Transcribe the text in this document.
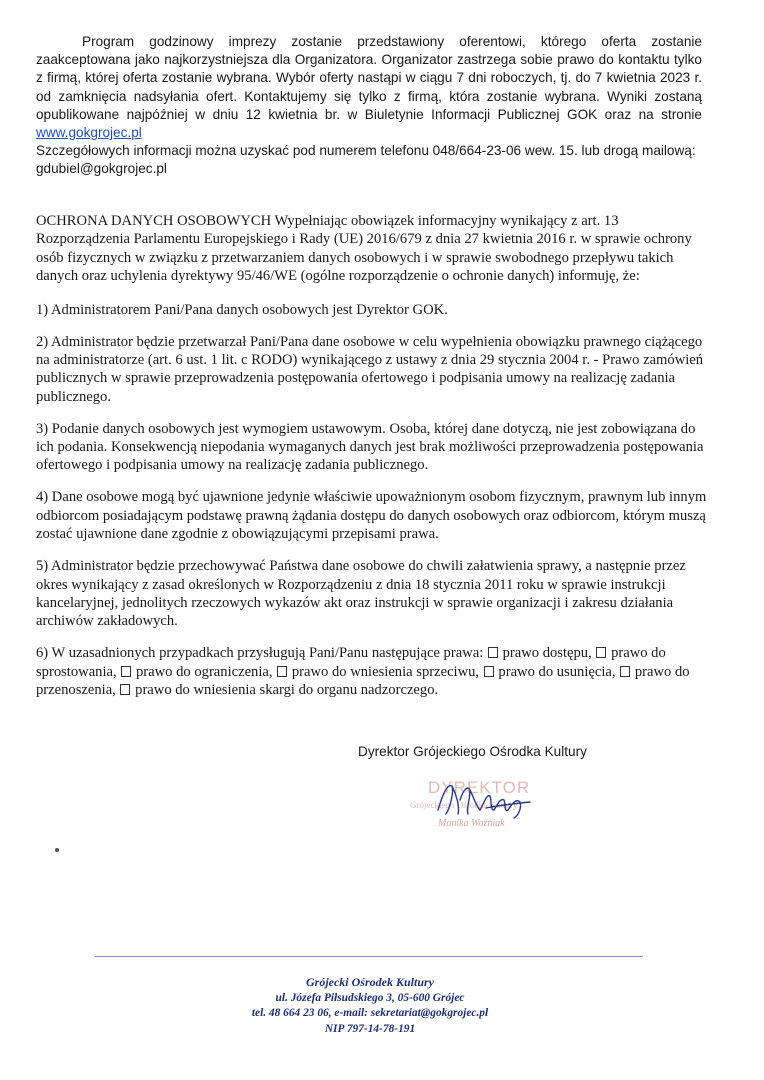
Program godzinowy imprezy zostanie przedstawiony oferentowi, którego oferta zostanie zaakceptowana jako najkorzystniejsza dla Organizatora. Organizator zastrzega sobie prawo do kontaktu tylko z firmą, której oferta zostanie wybrana. Wybór oferty nastąpi w ciągu 7 dni roboczych, tj. do 7 kwietnia 2023 r. od zamknięcia nadsyłania ofert. Kontaktujemy się tylko z firmą, która zostanie wybrana. Wyniki zostaną opublikowane najpóźniej w dniu 12 kwietnia br. w Biuletynie Informacji Publicznej GOK oraz na stronie www.gokgrojec.pl

Szczegółowych informacji można uzyskać pod numerem telefonu 048/664-23-06 wew. 15. lub drogą mailową: gdubiel@gokgrojec.pl

OCHRONA DANYCH OSOBOWYCH Wypełniając obowiązek informacyjny wynikający z art. 13 Rozporządzenia Parlamentu Europejskiego i Rady (UE) 2016/679 z dnia 27 kwietnia 2016 r. w sprawie ochrony osób fizycznych w związku z przetwarzaniem danych osobowych i w sprawie swobodnego przepływu takich danych oraz uchylenia dyrektywy 95/46/WE (ogólne rozporządzenie o ochronie danych) informuję, że:

1) Administratorem Pani/Pana danych osobowych jest Dyrektor GOK.

2) Administrator będzie przetwarzał Pani/Pana dane osobowe w celu wypełnienia obowiązku prawnego ciążącego na administratorze (art. 6 ust. 1 lit. c RODO) wynikającego z ustawy z dnia 29 stycznia 2004 r. - Prawo zamówień publicznych w sprawie przeprowadzenia postępowania ofertowego i podpisania umowy na realizację zadania publicznego.

3) Podanie danych osobowych jest wymogiem ustawowym. Osoba, której dane dotyczą, nie jest zobowiązana do ich podania. Konsekwencją niepodania wymaganych danych jest brak możliwości przeprowadzenia postępowania ofertowego i podpisania umowy na realizację zadania publicznego.

4) Dane osobowe mogą być ujawnione jedynie właściwie upoważnionym osobom fizycznym, prawnym lub innym odbiorcom posiadającym podstawę prawną żądania dostępu do danych osobowych oraz odbiorcom, którym muszą zostać ujawnione dane zgodnie z obowiązującymi przepisami prawa.

5) Administrator będzie przechowywać Państwa dane osobowe do chwili załatwienia sprawy, a następnie przez okres wynikający z zasad określonych w Rozporządzeniu z dnia 18 stycznia 2011 roku w sprawie instrukcji kancelaryjnej, jednolitych rzeczowych wykazów akt oraz instrukcji w sprawie organizacji i zakresu działania archiwów zakładowych.

6) W uzasadnionych przypadkach przysługują Pani/Panu następujące prawa: prawo dostępu, prawo do sprostowania, prawo do ograniczenia, prawo do wniesienia sprzeciwu, prawo do usunięcia, prawo do przenoszenia, prawo do wniesienia skargi do organu nadzorczego.

Dyrektor Grójeckiego Ośrodka Kultury
DYREKTOR
Grójeckiego Ośrodka Kultury
Monika Woźniak
Grójecki Ośrodek Kultury
ul. Józefa Piłsudskiego 3, 05-600 Grójec
tel. 48 664 23 06, e-mail: sekretariat@gokgrojec.pl
NIP 797-14-78-191
